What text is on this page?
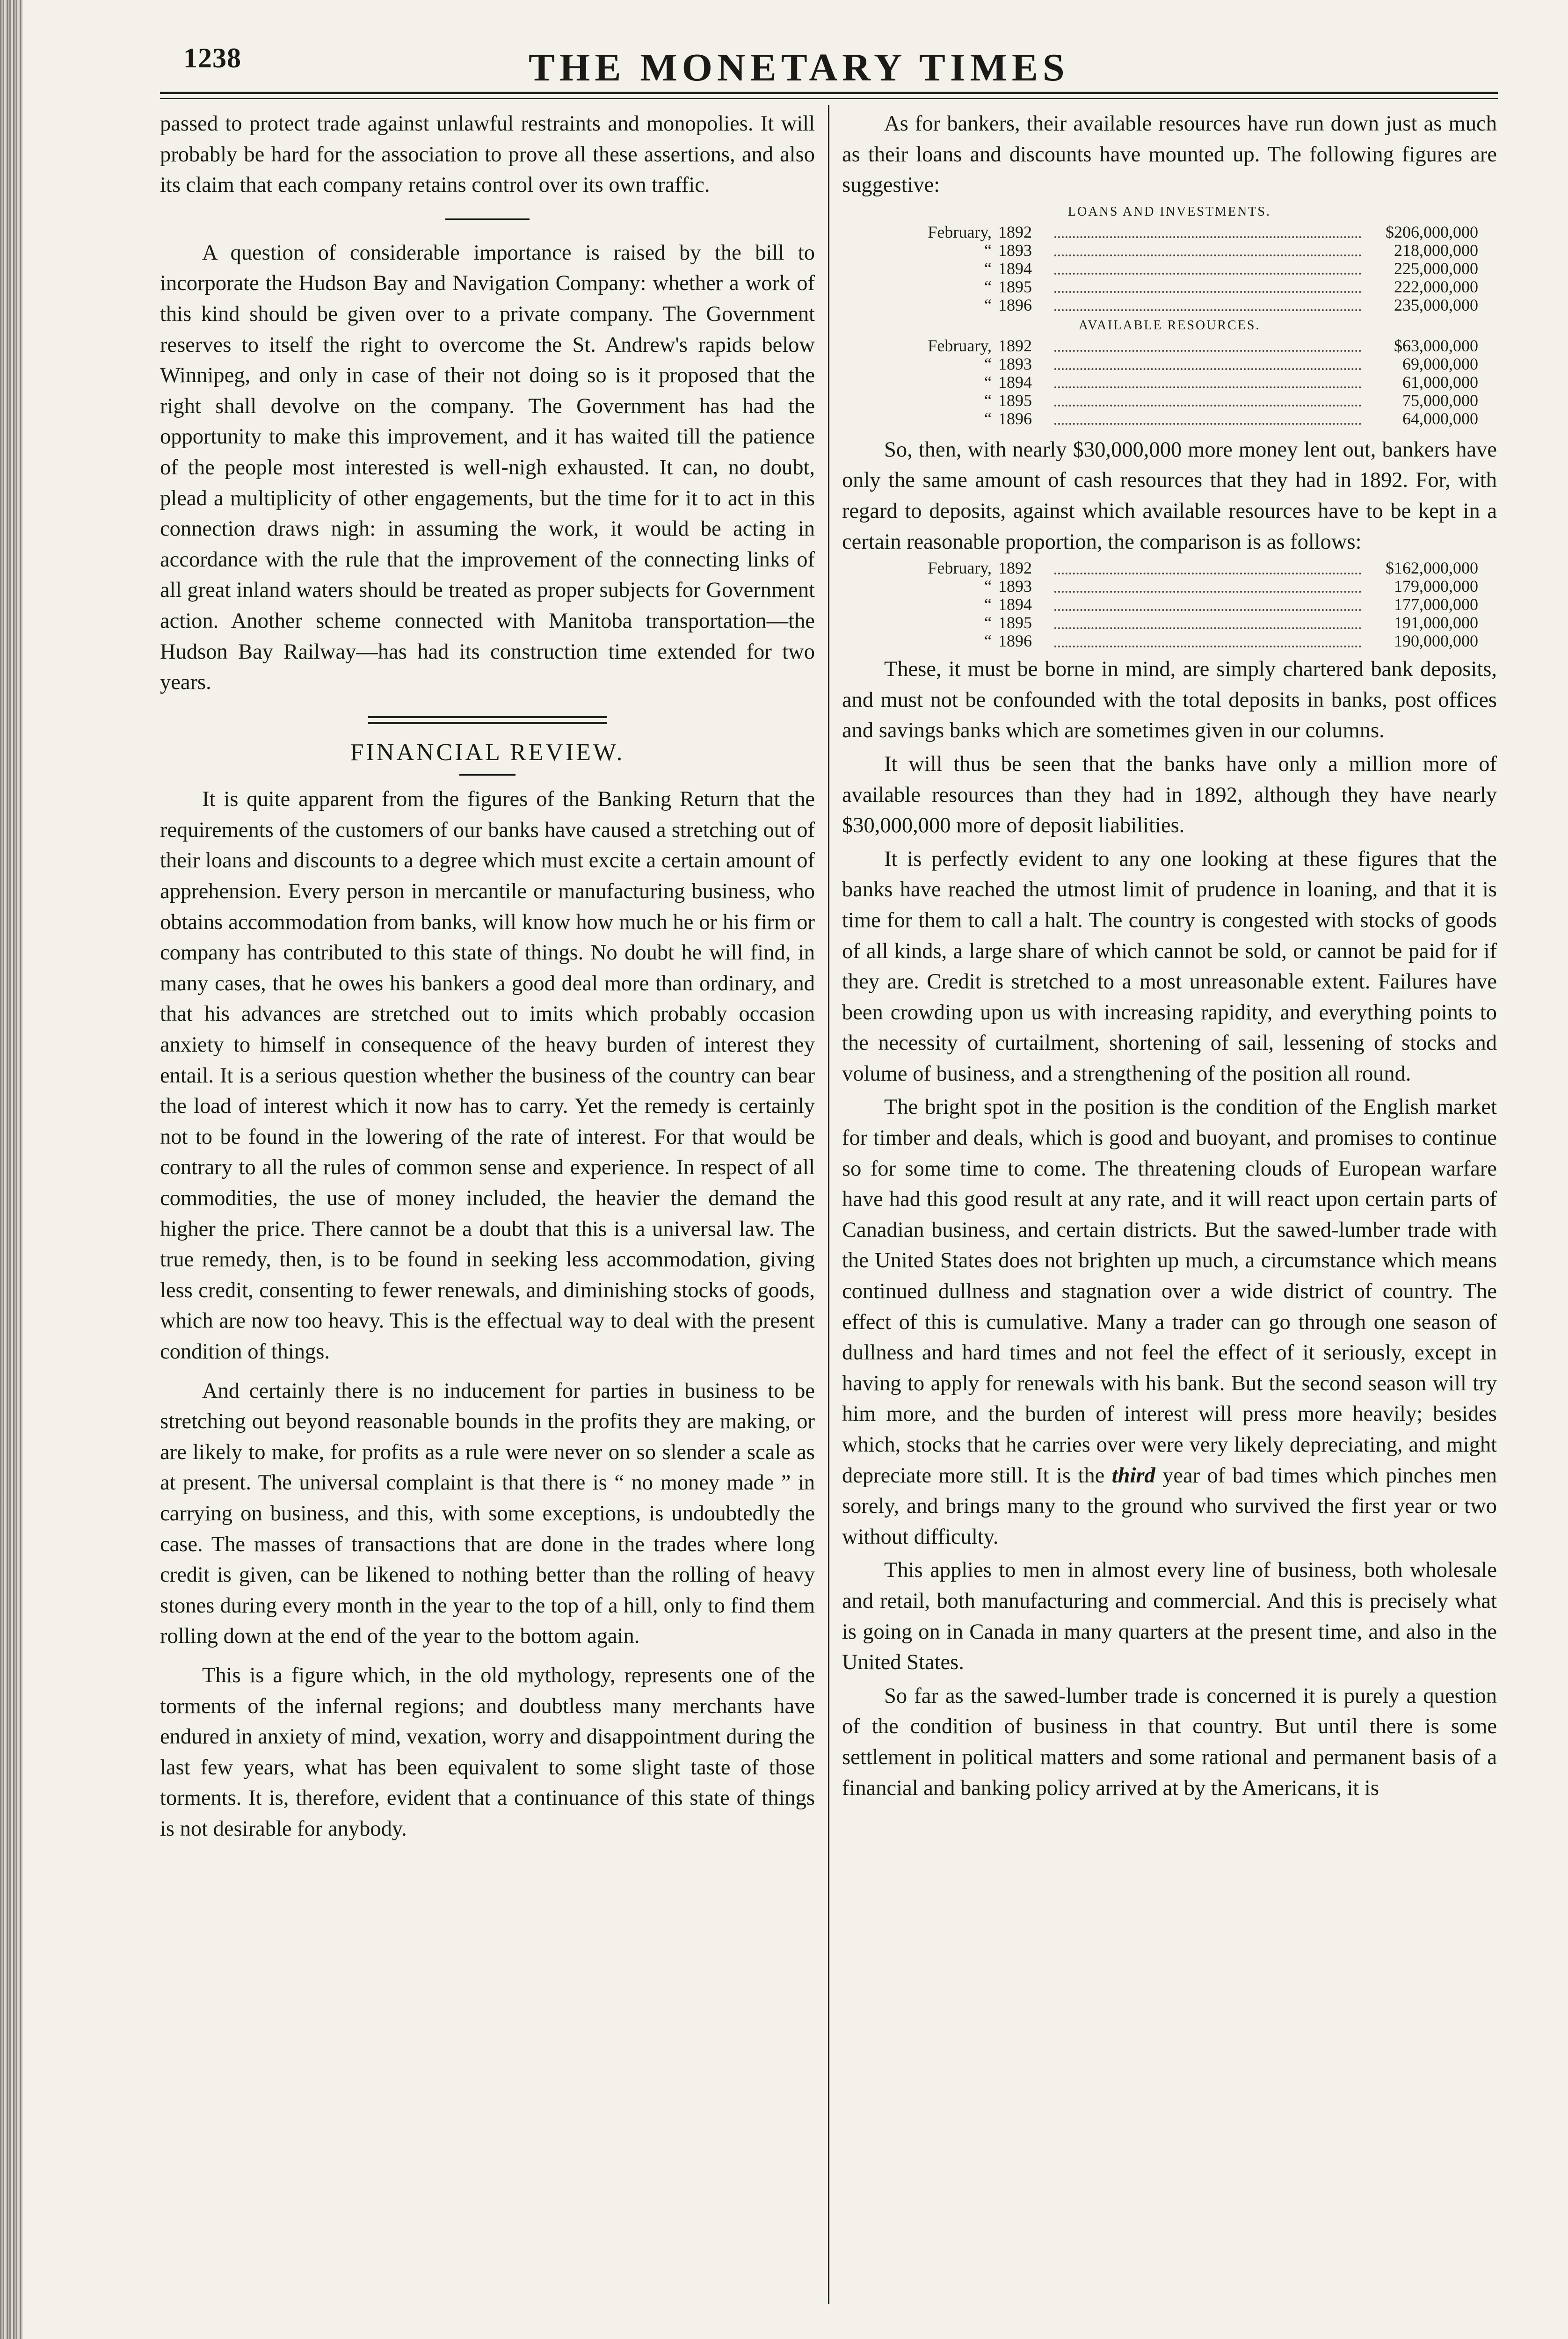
1238	THE MONETARY TIMES

passed to protect trade against unlawful restraints and monopolies. It will probably be hard for the association to prove all these assertions, and also its claim that each company retains control over its own traffic.

A question of considerable importance is raised by the bill to incorporate the Hudson Bay and Navigation Company: whether a work of this kind should be given over to a private company. The Government reserves to itself the right to overcome the St. Andrew's rapids below Winnipeg, and only in case of their not doing so is it proposed that the right shall devolve on the company. The Government has had the opportunity to make this improvement, and it has waited till the patience of the people most interested is well-nigh exhausted. It can, no doubt, plead a multiplicity of other engagements, but the time for it to act in this connection draws nigh: in assuming the work, it would be acting in accordance with the rule that the improvement of the connecting links of all great inland waters should be treated as proper subjects for Government action. Another scheme connected with Manitoba transportation—the Hudson Bay Railway—has had its construction time extended for two years.

FINANCIAL REVIEW.

It is quite apparent from the figures of the Banking Return that the requirements of the customers of our banks have caused a stretching out of their loans and discounts to a degree which must excite a certain amount of apprehension. Every person in mercantile or manufacturing business, who obtains accommodation from banks, will know how much he or his firm or company has contributed to this state of things. No doubt he will find, in many cases, that he owes his bankers a good deal more than ordinary, and that his advances are stretched out to imits which probably occasion anxiety to himself in consequence of the heavy burden of interest they entail. It is a serious question whether the business of the country can bear the load of interest which it now has to carry. Yet the remedy is certainly not to be found in the lowering of the rate of interest. For that would be contrary to all the rules of common sense and experience. In respect of all commodities, the use of money included, the heavier the demand the higher the price. There cannot be a doubt that this is a universal law. The true remedy, then, is to be found in seeking less accommodation, giving less credit, consenting to fewer renewals, and diminishing stocks of goods, which are now too heavy. This is the effectual way to deal with the present condition of things.

And certainly there is no inducement for parties in business to be stretching out beyond reasonable bounds in the profits they are making, or are likely to make, for profits as a rule were never on so slender a scale as at present. The universal complaint is that there is “ no money made ” in carrying on business, and this, with some exceptions, is undoubtedly the case. The masses of transactions that are done in the trades where long credit is given, can be likened to nothing better than the rolling of heavy stones during every month in the year to the top of a hill, only to find them rolling down at the end of the year to the bottom again.

This is a figure which, in the old mythology, represents one of the torments of the infernal regions; and doubtless many merchants have endured in anxiety of mind, vexation, worry and disappointment during the last few years, what has been equivalent to some slight taste of those torments. It is, therefore, evident that a continuance of this state of things is not desirable for anybody.

As for bankers, their available resources have run down just as much as their loans and discounts have mounted up. The following figures are suggestive:

LOANS AND INVESTMENTS.
February,	1892		$206,000,000
“	1893		218,000,000
“	1894		225,000,000
“	1895		222,000,000
“	1896		235,000,000
AVAILABLE RESOURCES.
February,	1892		$63,000,000
“	1893		69,000,000
“	1894		61,000,000
“	1895		75,000,000
“	1896		64,000,000

So, then, with nearly $30,000,000 more money lent out, bankers have only the same amount of cash resources that they had in 1892. For, with regard to deposits, against which available resources have to be kept in a certain reasonable proportion, the comparison is as follows:

February,	1892		$162,000,000
“	1893		179,000,000
“	1894		177,000,000
“	1895		191,000,000
“	1896		190,000,000

These, it must be borne in mind, are simply chartered bank deposits, and must not be confounded with the total deposits in banks, post offices and savings banks which are sometimes given in our columns.

It will thus be seen that the banks have only a million more of available resources than they had in 1892, although they have nearly $30,000,000 more of deposit liabilities.

It is perfectly evident to any one looking at these figures that the banks have reached the utmost limit of prudence in loaning, and that it is time for them to call a halt. The country is congested with stocks of goods of all kinds, a large share of which cannot be sold, or cannot be paid for if they are. Credit is stretched to a most unreasonable extent. Failures have been crowding upon us with increasing rapidity, and everything points to the necessity of curtailment, shortening of sail, lessening of stocks and volume of business, and a strengthening of the position all round.

The bright spot in the position is the condition of the English market for timber and deals, which is good and buoyant, and promises to continue so for some time to come. The threatening clouds of European warfare have had this good result at any rate, and it will react upon certain parts of Canadian business, and certain districts. But the sawed-lumber trade with the United States does not brighten up much, a circumstance which means continued dullness and stagnation over a wide district of country. The effect of this is cumulative. Many a trader can go through one season of dullness and hard times and not feel the effect of it seriously, except in having to apply for renewals with his bank. But the second season will try him more, and the burden of interest will press more heavily; besides which, stocks that he carries over were very likely depreciating, and might depreciate more still. It is the third year of bad times which pinches men sorely, and brings many to the ground who survived the first year or two without difficulty.

This applies to men in almost every line of business, both wholesale and retail, both manufacturing and commercial. And this is precisely what is going on in Canada in many quarters at the present time, and also in the United States.

So far as the sawed-lumber trade is concerned it is purely a question of the condition of business in that country. But until there is some settlement in political matters and some rational and permanent basis of a financial and banking policy arrived at by the Americans, it is
